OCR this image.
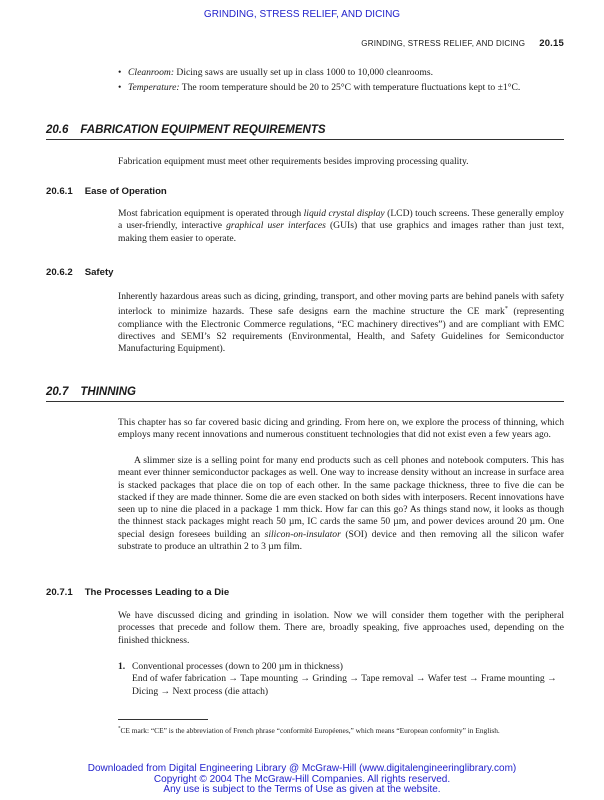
GRINDING, STRESS RELIEF, AND DICING
GRINDING, STRESS RELIEF, AND DICING 20.15
• Cleanroom: Dicing saws are usually set up in class 1000 to 10,000 cleanrooms.
• Temperature: The room temperature should be 20 to 25°C with temperature fluctuations kept to ±1°C.
20.6 FABRICATION EQUIPMENT REQUIREMENTS
Fabrication equipment must meet other requirements besides improving processing quality.
20.6.1 Ease of Operation

Most fabrication equipment is operated through liquid crystal display (LCD) touch screens. These generally employ a user-friendly, interactive graphical user interfaces (GUIs) that use graphics and images rather than just text, making them easier to operate.

20.6.2 Safety

Inherently hazardous areas such as dicing, grinding, transport, and other moving parts are behind panels with safety interlock to minimize hazards. These safe designs earn the machine structure the CE mark* (representing compliance with the Electronic Commerce regulations, “EC machinery directives”) and are compliant with EMC directives and SEMI’s S2 requirements (Environmental, Health, and Safety Guidelines for Semiconductor Manufacturing Equipment).

20.7 THINNING
This chapter has so far covered basic dicing and grinding. From here on, we explore the process of thinning, which employs many recent innovations and numerous constituent technologies that did not exist even a few years ago.

A slimmer size is a selling point for many end products such as cell phones and notebook computers. This has meant ever thinner semiconductor packages as well. One way to increase density without an increase in surface area is stacked packages that place die on top of each other. In the same package thickness, three to five die can be stacked if they are made thinner. Some die are even stacked on both sides with interposers. Recent innovations have seen up to nine die placed in a package 1 mm thick. How far can this go? As things stand now, it looks as though the thinnest stack packages might reach 50 µm, IC cards the same 50 µm, and power devices around 20 µm. One special design foresees building an silicon-on-insulator (SOI) device and then removing all the silicon wafer substrate to produce an ultrathin 2 to 3 µm film.

20.7.1 The Processes Leading to a Die
We have discussed dicing and grinding in isolation. Now we will consider them together with the peripheral processes that precede and follow them. There are, broadly speaking, five approaches used, depending on the finished thickness.
1. Conventional processes (down to 200 µm in thickness)
End of wafer fabrication → Tape mounting → Grinding → Tape removal → Wafer test → Frame mounting → Dicing → Next process (die attach)
*CE mark: “CE” is the abbreviation of French phrase “conformité Européenes,” which means “European conformity” in English.
Downloaded from Digital Engineering Library @ McGraw-Hill (www.digitalengineeringlibrary.com)
Copyright © 2004 The McGraw-Hill Companies. All rights reserved.
Any use is subject to the Terms of Use as given at the website.
